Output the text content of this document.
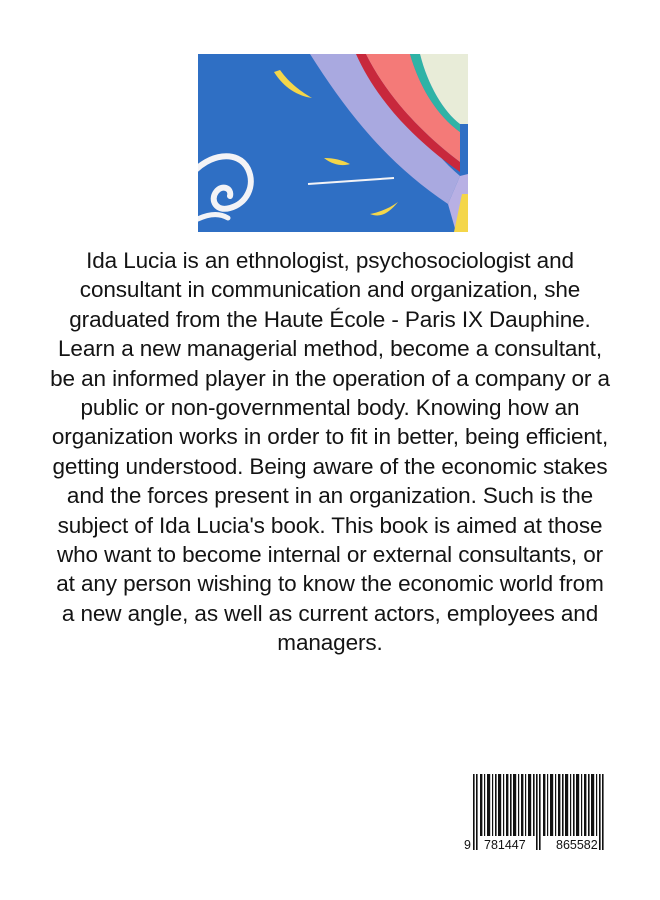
Ida Lucia is an ethnologist, psychosociologist and consultant in communication and organization, she graduated from the Haute École - Paris IX Dauphine. Learn a new managerial method, become a consultant, be an informed player in the operation of a company or a public or non-governmental body. Knowing how an organization works in order to fit in better, being efficient, getting understood. Being aware of the economic stakes and the forces present in an organization. Such is the subject of Ida Lucia's book. This book is aimed at those who want to become internal or external consultants, or at any person wishing to know the economic world from a new angle, as well as current actors, employees and managers.
9 781447 865582
